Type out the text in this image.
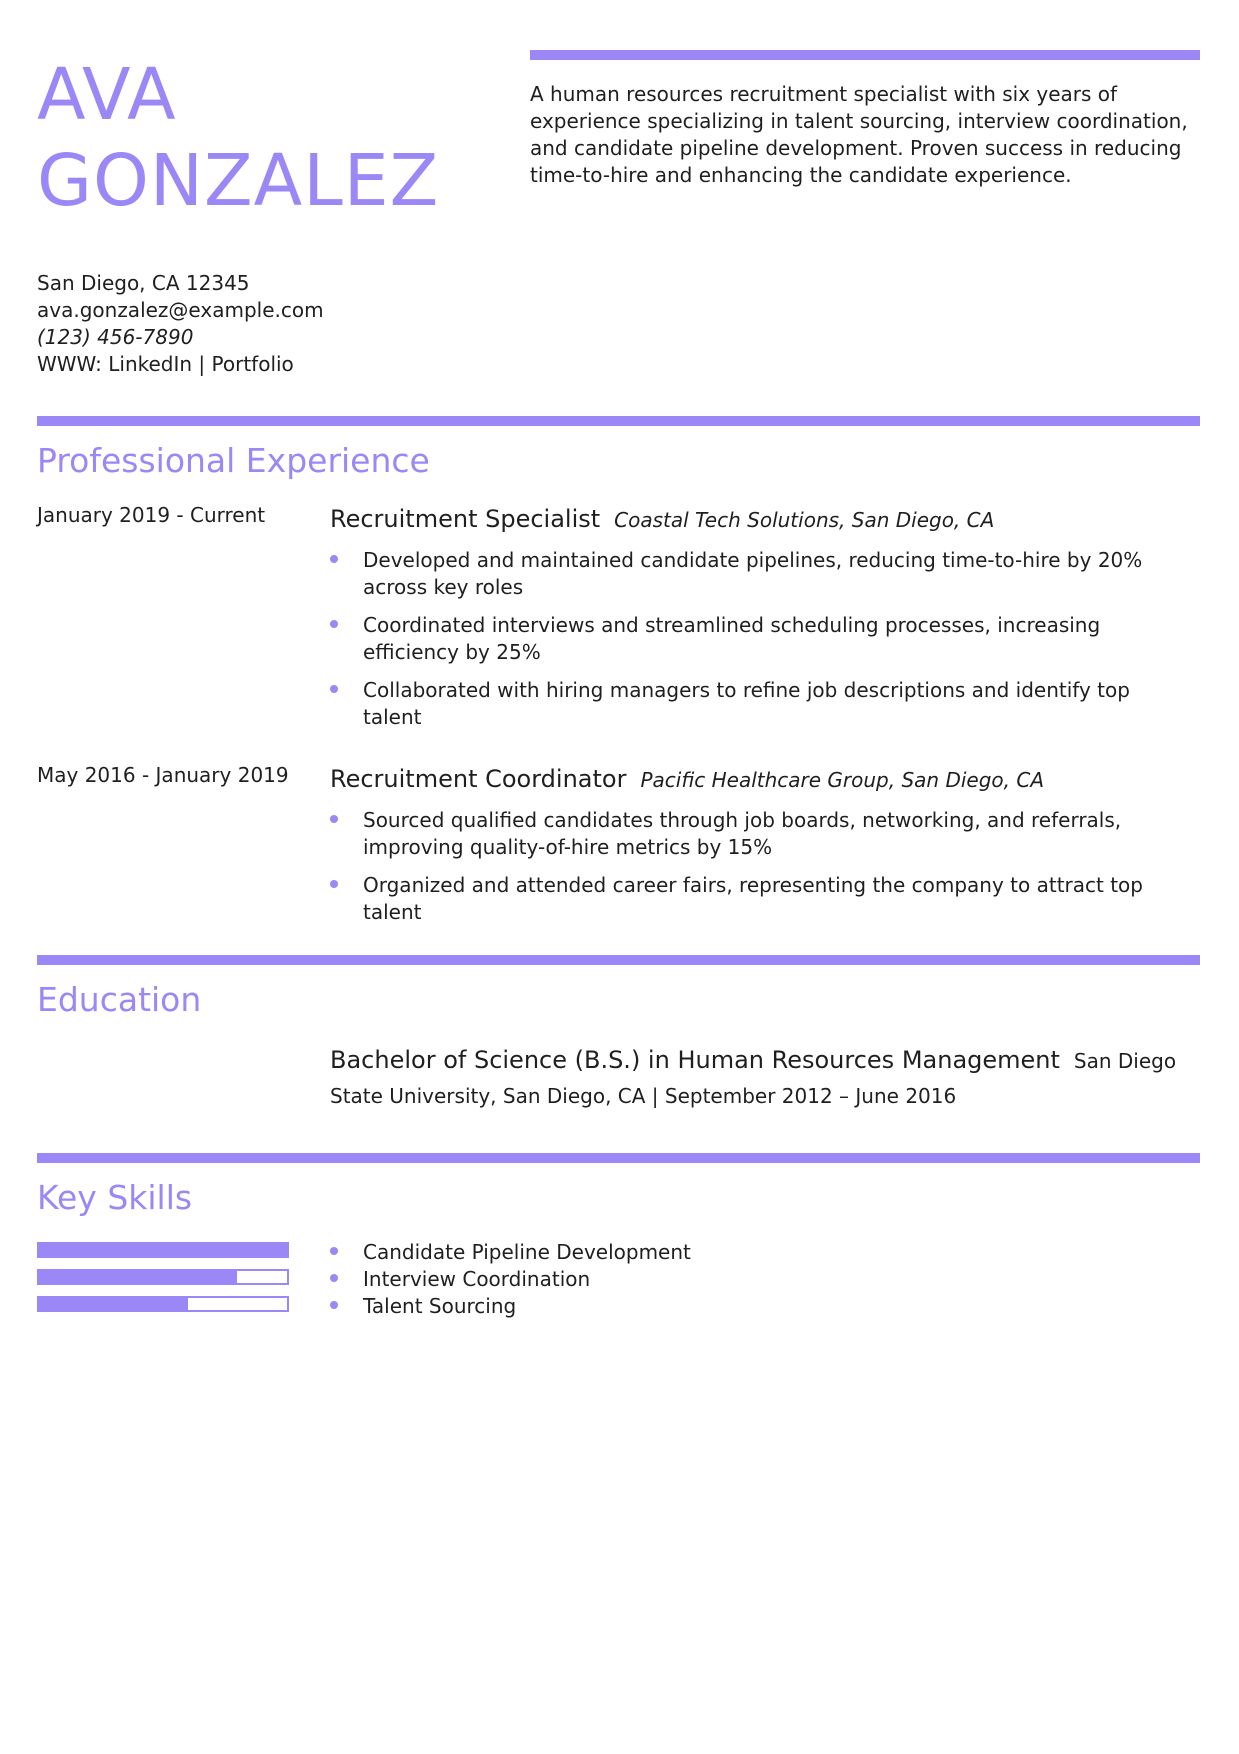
AVA
GONZALEZ
A human resources recruitment specialist with six years of experience specializing in talent sourcing, interview coordination, and candidate pipeline development. Proven success in reducing time-to-hire and enhancing the candidate experience.
San Diego, CA 12345
ava.gonzalez@example.com
(123) 456-7890
WWW: LinkedIn | Portfolio
Professional Experience
January 2019 - Current	Recruitment Specialist Coastal Tech Solutions, San Diego, CA
Developed and maintained candidate pipelines, reducing time-to-hire by 20% across key roles
Coordinated interviews and streamlined scheduling processes, increasing efficiency by 25%
Collaborated with hiring managers to refine job descriptions and identify top talent
May 2016 - January 2019 Recruitment Coordinator Pacific Healthcare Group, San Diego, CA
Sourced qualified candidates through job boards, networking, and referrals, improving quality-of-hire metrics by 15%
Organized and attended career fairs, representing the company to attract top talent
Education
Bachelor of Science (B.S.) in Human Resources Management San Diego
State University, San Diego, CA | September 2012 – June 2016
Key Skills
Candidate Pipeline Development
Interview Coordination
Talent Sourcing
